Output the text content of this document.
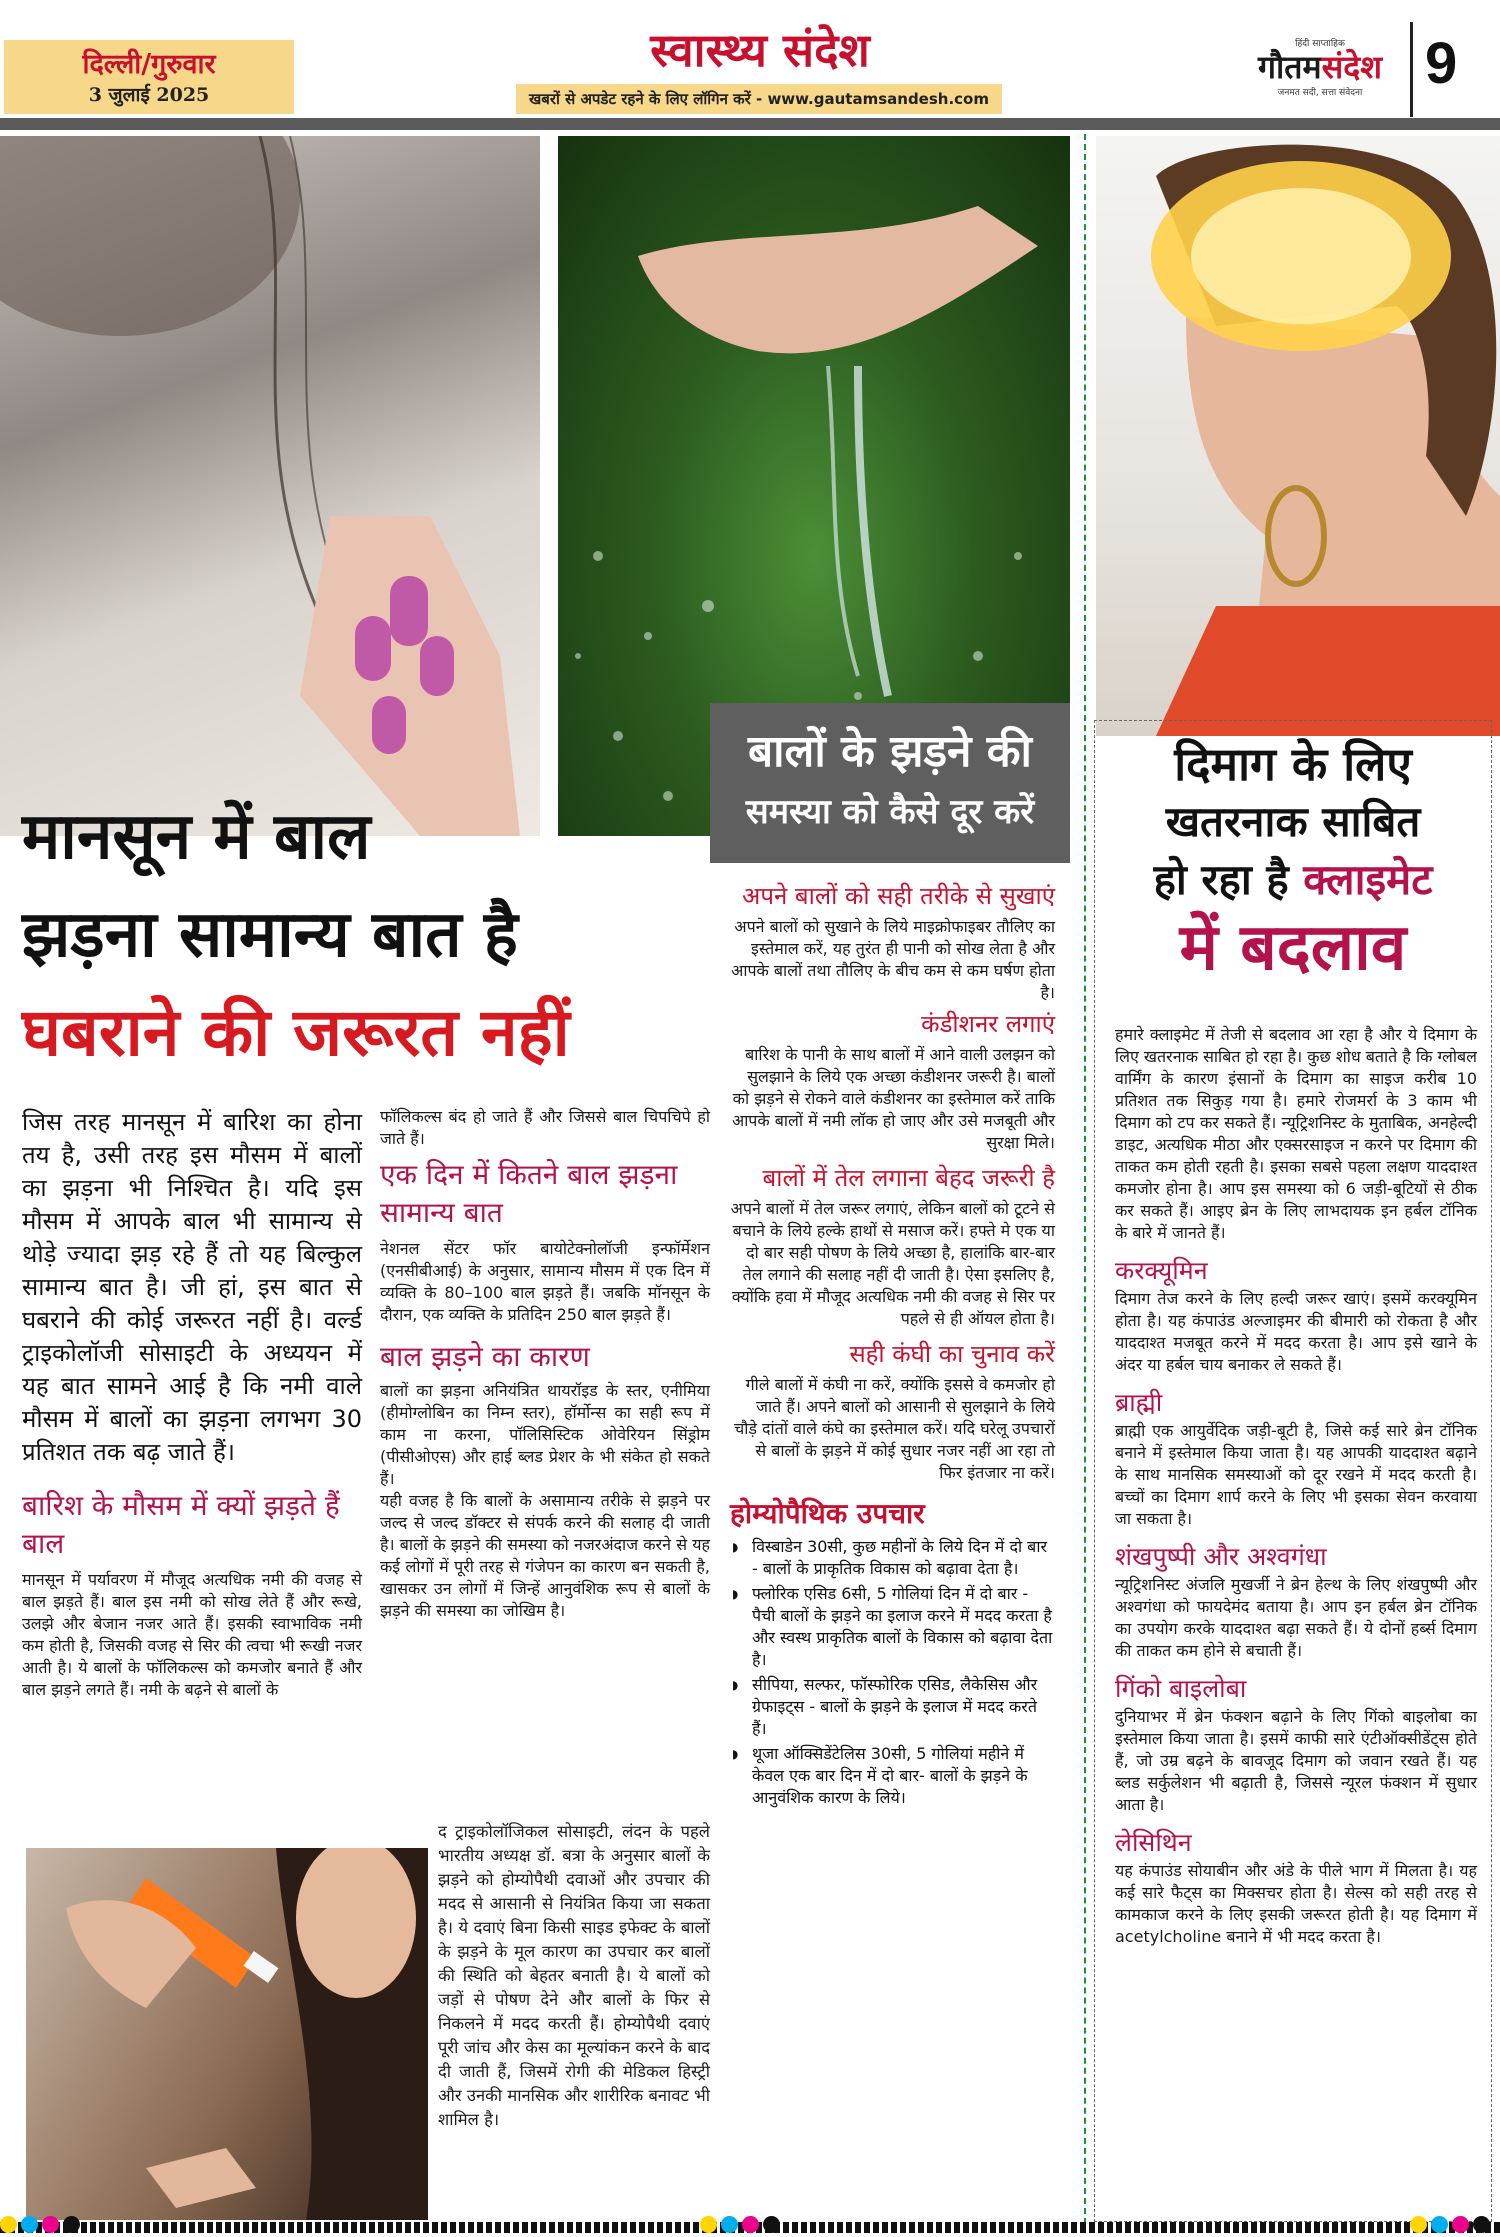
दिल्ली/गुरुवार
3 जुलाई 2025
स्वास्थ्य संदेश
खबरों से अपडेट रहने के लिए लॉगिन करें - www.gautamsandesh.com
हिंदी साप्ताहिक
गौतमसंदेश
जनमत सदी, सत्ता संवेदना	9
मानसून में बाल
झड़ना सामान्य बात है
घबराने की जरूरत नहीं
बालों के झड़ने की
समस्या को कैसे दूर करें
दिमाग के लिए
खतरनाक साबित
हो रहा है क्लाइमेट
में बदलाव
जिस तरह मानसून में बारिश का होना तय है, उसी तरह इस मौसम में बालों का झड़ना भी निश्चित है। यदि इस मौसम में आपके बाल भी सामान्य से थोड़े ज्यादा झड़ रहे हैं तो यह बिल्कुल सामान्य बात है। जी हां, इस बात से घबराने की कोई जरूरत नहीं है। वर्ल्ड ट्राइकोलॉजी सोसाइटी के अध्ययन में यह बात सामने आई है कि नमी वाले मौसम में बालों का झड़ना लगभग 30 प्रतिशत तक बढ़ जाते हैं।
बारिश के मौसम में क्यों झड़ते हैं बाल
मानसून में पर्यावरण में मौजूद अत्यधिक नमी की वजह से बाल झड़ते हैं। बाल इस नमी को सोख लेते हैं और रूखे, उलझे और बेजान नजर आते हैं। इसकी स्वाभाविक नमी कम होती है, जिसकी वजह से सिर की त्वचा भी रूखी नजर आती है। ये बालों के फॉलिकल्स को कमजोर बनाते हैं और बाल झड़ने लगते हैं। नमी के बढ़ने से बालों के
फॉलिकल्स बंद हो जाते हैं और जिससे बाल चिपचिपे हो जाते हैं।
एक दिन में कितने बाल झड़ना सामान्य बात
नेशनल सेंटर फॉर बायोटेक्नोलॉजी इन्फॉर्मेशन (एनसीबीआई) के अनुसार, सामान्य मौसम में एक दिन में व्यक्ति के 80–100 बाल झड़ते हैं। जबकि मॉनसून के दौरान, एक व्यक्ति के प्रतिदिन 250 बाल झड़ते हैं।
बाल झड़ने का कारण
बालों का झड़ना अनियंत्रित थायरॉइड के स्तर, एनीमिया (हीमोग्लोबिन का निम्न स्तर), हॉर्मोन्स का सही रूप में काम ना करना, पॉलिसिस्टिक ओवेरियन सिंड्रोम (पीसीओएस) और हाई ब्लड प्रेशर के भी संकेत हो सकते हैं।
यही वजह है कि बालों के असामान्य तरीके से झड़ने पर जल्द से जल्द डॉक्टर से संपर्क करने की सलाह दी जाती है। बालों के झड़ने की समस्या को नजरअंदाज करने से यह कई लोगों में पूरी तरह से गंजेपन का कारण बन सकती है, खासकर उन लोगों में जिन्हें आनुवंशिक रूप से बालों के झड़ने की समस्या का जोखिम है।
द ट्राइकोलॉजिकल सोसाइटी, लंदन के पहले भारतीय अध्यक्ष डॉ. बत्रा के अनुसार बालों के झड़ने को होम्योपैथी दवाओं और उपचार की मदद से आसानी से नियंत्रित किया जा सकता है। ये दवाएं बिना किसी साइड इफेक्ट के बालों के झड़ने के मूल कारण का उपचार कर बालों की स्थिति को बेहतर बनाती है। ये बालों को जड़ों से पोषण देने और बालों के फिर से निकलने में मदद करती हैं। होम्योपैथी दवाएं पूरी जांच और केस का मूल्यांकन करने के बाद दी जाती हैं, जिसमें रोगी की मेडिकल हिस्ट्री और उनकी मानसिक और शारीरिक बनावट भी शामिल है।
अपने बालों को सही तरीके से सुखाएं
अपने बालों को सुखाने के लिये माइक्रोफाइबर तौलिए का इस्तेमाल करें, यह तुरंत ही पानी को सोख लेता है और आपके बालों तथा तौलिए के बीच कम से कम घर्षण होता है।
कंडीशनर लगाएं
बारिश के पानी के साथ बालों में आने वाली उलझन को सुलझाने के लिये एक अच्छा कंडीशनर जरूरी है। बालों को झड़ने से रोकने वाले कंडीशनर का इस्तेमाल करें ताकि आपके बालों में नमी लॉक हो जाए और उसे मजबूती और सुरक्षा मिले।
बालों में तेल लगाना बेहद जरूरी है
अपने बालों में तेल जरूर लगाएं, लेकिन बालों को टूटने से बचाने के लिये हल्के हाथों से मसाज करें। हफ्ते मे एक या दो बार सही पोषण के लिये अच्छा है, हालांकि बार-बार तेल लगाने की सलाह नहीं दी जाती है। ऐसा इसलिए है, क्योंकि हवा में मौजूद अत्यधिक नमी की वजह से सिर पर पहले से ही ऑयल होता है।
सही कंघी का चुनाव करें
गीले बालों में कंघी ना करें, क्योंकि इससे वे कमजोर हो जाते हैं। अपने बालों को आसानी से सुलझाने के लिये चौड़े दांतों वाले कंघे का इस्तेमाल करें। यदि घरेलू उपचारों से बालों के झड़ने में कोई सुधार नजर नहीं आ रहा तो फिर इंतजार ना करें।
होम्योपैथिक उपचार
◗ विस्बाडेन 30सी, कुछ महीनों के लिये दिन में दो बार - बालों के प्राकृतिक विकास को बढ़ावा देता है।
◗ फ्लोरिक एसिड 6सी, 5 गोलियां दिन में दो बार - पैची बालों के झड़ने का इलाज करने में मदद करता है और स्वस्थ प्राकृतिक बालों के विकास को बढ़ावा देता है।
◗ सीपिया, सल्फर, फॉस्फोरिक एसिड, लैकेसिस और ग्रेफाइट्स - बालों के झड़ने के इलाज में मदद करते हैं।
◗ थूजा ऑक्सिडेंटेलिस 30सी, 5 गोलियां महीने में केवल एक बार दिन में दो बार- बालों के झड़ने के आनुवंशिक कारण के लिये।
हमारे क्लाइमेट में तेजी से बदलाव आ रहा है और ये दिमाग के लिए खतरनाक साबित हो रहा है। कुछ शोध बताते है कि ग्लोबल वार्मिंग के कारण इंसानों के दिमाग का साइज करीब 10 प्रतिशत तक सिकुड़ गया है। हमारे रोजमर्रा के 3 काम भी दिमाग को टप कर सकते हैं। न्यूट्रिशनिस्ट के मुताबिक, अनहेल्दी डाइट, अत्यधिक मीठा और एक्सरसाइज न करने पर दिमाग की ताकत कम होती रहती है। इसका सबसे पहला लक्षण याददाश्त कमजोर होना है। आप इस समस्या को 6 जड़ी-बूटियों से ठीक कर सकते हैं। आइए ब्रेन के लिए लाभदायक इन हर्बल टॉनिक के बारे में जानते हैं।
करक्यूमिन
दिमाग तेज करने के लिए हल्दी जरूर खाएं। इसमें करक्यूमिन होता है। यह कंपाउंड अल्जाइमर की बीमारी को रोकता है और याददाश्त मजबूत करने में मदद करता है। आप इसे खाने के अंदर या हर्बल चाय बनाकर ले सकते हैं।
ब्राह्मी
ब्राह्मी एक आयुर्वेदिक जड़ी-बूटी है, जिसे कई सारे ब्रेन टॉनिक बनाने में इस्तेमाल किया जाता है। यह आपकी याददाश्त बढ़ाने के साथ मानसिक समस्याओं को दूर रखने में मदद करती है। बच्चों का दिमाग शार्प करने के लिए भी इसका सेवन करवाया जा सकता है।
शंखपुष्पी और अश्वगंधा
न्यूट्रिशनिस्ट अंजलि मुखर्जी ने ब्रेन हेल्थ के लिए शंखपुष्पी और अश्वगंधा को फायदेमंद बताया है। आप इन हर्बल ब्रेन टॉनिक का उपयोग करके याददाश्त बढ़ा सकते हैं। ये दोनों हर्ब्स दिमाग की ताकत कम होने से बचाती हैं।
गिंको बाइलोबा
दुनियाभर में ब्रेन फंक्शन बढ़ाने के लिए गिंको बाइलोबा का इस्तेमाल किया जाता है। इसमें काफी सारे एंटीऑक्सीडेंट्स होते हैं, जो उम्र बढ़ने के बावजूद दिमाग को जवान रखते हैं। यह ब्लड सर्कुलेशन भी बढ़ाती है, जिससे न्यूरल फंक्शन में सुधार आता है।
लेसिथिन
यह कंपाउंड सोयाबीन और अंडे के पीले भाग में मिलता है। यह कई सारे फैट्स का मिक्सचर होता है। सेल्स को सही तरह से कामकाज करने के लिए इसकी जरूरत होती है। यह दिमाग में acetylcholine बनाने में भी मदद करता है।
